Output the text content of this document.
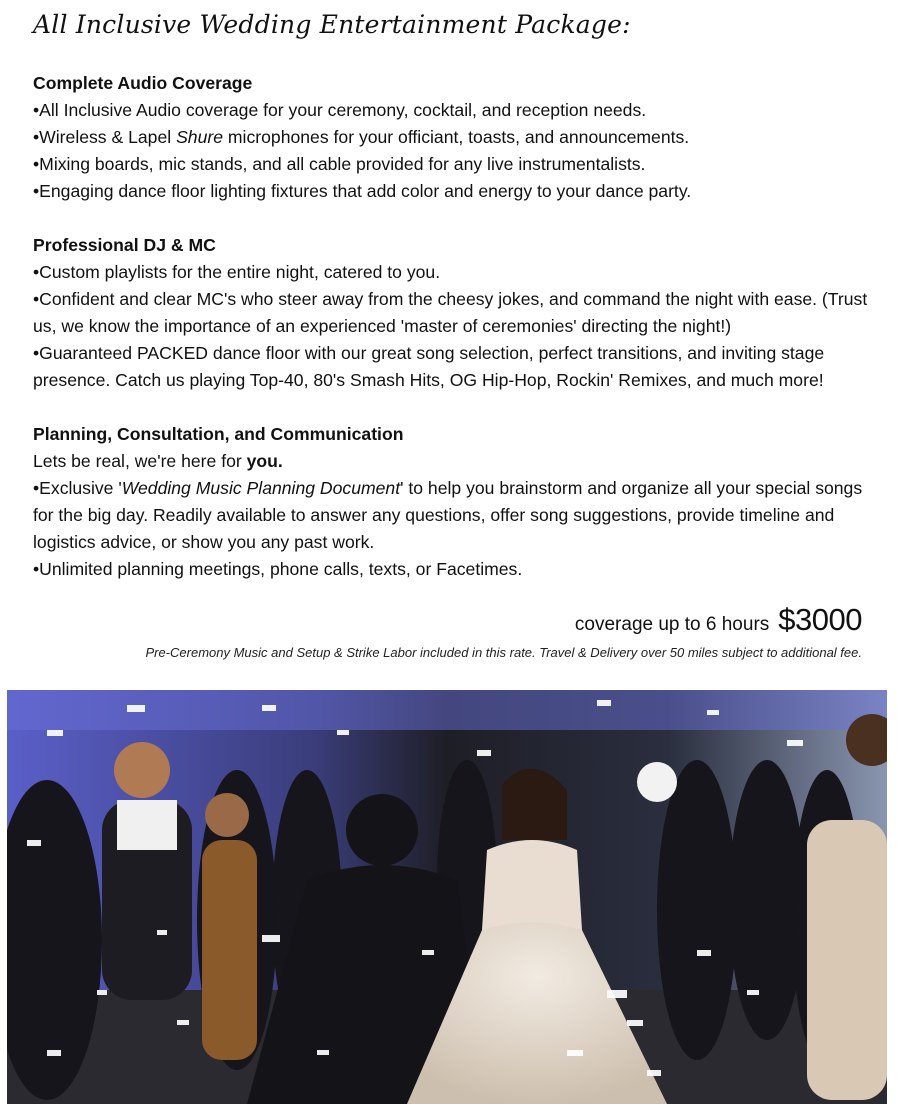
All Inclusive Wedding Entertainment Package:
Complete Audio Coverage

•All Inclusive Audio coverage for your ceremony, cocktail, and reception needs.

•Wireless & Lapel Shure microphones for your officiant, toasts, and announcements.

•Mixing boards, mic stands, and all cable provided for any live instrumentalists.

•Engaging dance floor lighting fixtures that add color and energy to your dance party.

Professional DJ & MC

•Custom playlists for the entire night, catered to you.

•Confident and clear MC's who steer away from the cheesy jokes, and command the night with ease. (Trust us, we know the importance of an experienced 'master of ceremonies' directing the night!)

•Guaranteed PACKED dance floor with our great song selection, perfect transitions, and inviting stage presence. Catch us playing Top-40, 80's Smash Hits, OG Hip-Hop, Rockin' Remixes, and much more!

Planning, Consultation, and Communication

Lets be real, we're here for you.

•Exclusive 'Wedding Music Planning Document' to help you brainstorm and organize all your special songs for the big day. Readily available to answer any questions, offer song suggestions, provide timeline and logistics advice, or show you any past work.

•Unlimited planning meetings, phone calls, texts, or Facetimes.

coverage up to 6 hours $3000
Pre-Ceremony Music and Setup & Strike Labor included in this rate. Travel & Delivery over 50 miles subject to additional fee.
